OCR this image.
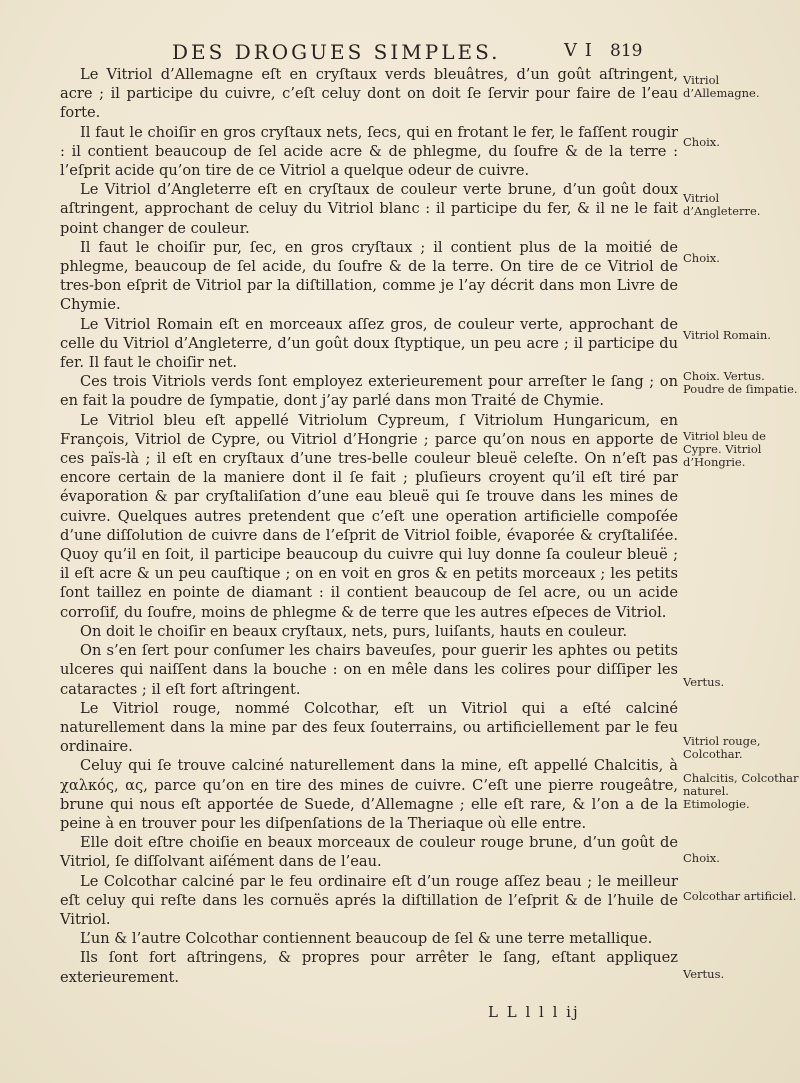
DES DROGUES SIMPLES.	V I 819

Le Vitriol d’Allemagne eſt en cryſtaux verds bleuâtres, d’un goût aſtringent, acre ; il participe du cuivre, c’eſt celuy dont on doit ſe ſervir pour faire de l’eau forte.

Il faut le choiſir en gros cryſtaux nets, ſecs, qui en frotant le fer, le faſſent rougir : il contient beaucoup de ſel acide acre & de phlegme, du ſoufre & de la terre : l’eſprit acide qu’on tire de ce Vitriol a quelque odeur de cuivre.

Le Vitriol d’Angleterre eſt en cryſtaux de couleur verte brune, d’un goût doux aſtringent, approchant de celuy du Vitriol blanc : il participe du fer, & il ne le fait point changer de couleur.

Il faut le choiſir pur, ſec, en gros cryſtaux ; il contient plus de la moitié de phlegme, beaucoup de ſel acide, du ſoufre & de la terre. On tire de ce Vitriol de tres-bon eſprit de Vitriol par la diſtillation, comme je l’ay décrit dans mon Livre de Chymie.

Le Vitriol Romain eſt en morceaux aſſez gros, de couleur verte, approchant de celle du Vitriol d’Angleterre, d’un goût doux ſtyptique, un peu acre ; il participe du fer. Il faut le choiſir net.

Ces trois Vitriols verds ſont employez exterieurement pour arreſter le ſang ; on en fait la poudre de ſympatie, dont j’ay parlé dans mon Traité de Chymie.

Le Vitriol bleu eſt appellé Vitriolum Cypreum, ſ Vitriolum Hungaricum, en François, Vitriol de Cypre, ou Vitriol d’Hongrie ; parce qu’on nous en apporte de ces païs-là ; il eſt en cryſtaux d’une tres-belle couleur bleuë celeſte. On n’eſt pas encore certain de la maniere dont il ſe fait ; pluſieurs croyent qu’il eſt tiré par évaporation & par cryſtaliſation d’une eau bleuë qui ſe trouve dans les mines de cuivre. Quelques autres pretendent que c’eſt une operation artificielle compoſée d’une diſſolution de cuivre dans de l’eſprit de Vitriol foible, évaporée & cryſtaliſée. Quoy qu’il en ſoit, il participe beaucoup du cuivre qui luy donne ſa couleur bleuë ; il eſt acre & un peu cauſtique ; on en voit en gros & en petits morceaux ; les petits ſont taillez en pointe de diamant : il contient beaucoup de ſel acre, ou un acide corroſif, du ſoufre, moins de phlegme & de terre que les autres eſpeces de Vitriol.

On doit le choiſir en beaux cryſtaux, nets, purs, luiſants, hauts en couleur.

On s’en ſert pour conſumer les chairs baveuſes, pour guerir les aphtes ou petits ulceres qui naiſſent dans la bouche : on en mêle dans les colires pour diſſiper les cataractes ; il eſt fort aſtringent.

Le Vitriol rouge, nommé Colcothar, eſt un Vitriol qui a eſté calciné naturellement dans la mine par des feux ſouterrains, ou artificiellement par le feu ordinaire.

Celuy qui ſe trouve calciné naturellement dans la mine, eſt appellé Chalcitis, à χαλκός, ας, parce qu’on en tire des mines de cuivre. C’eſt une pierre rougeâtre, brune qui nous eſt apportée de Suede, d’Allemagne ; elle eſt rare, & l’on a de la peine à en trouver pour les diſpenſations de la Theriaque où elle entre.

Elle doit eſtre choiſie en beaux morceaux de couleur rouge brune, d’un goût de Vitriol, ſe diſſolvant aiſément dans de l’eau.

Le Colcothar calciné par le feu ordinaire eſt d’un rouge aſſez beau ; le meilleur eſt celuy qui reſte dans les cornuës aprés la diſtillation de l’eſprit & de l’huile de Vitriol.

L’un & l’autre Colcothar contiennent beaucoup de ſel & une terre metallique.

Ils ſont fort aſtringens, & propres pour arrêter le ſang, eſtant appliquez exterieurement.

Vitriol d’Allemagne.
Choix.
Vitriol d’Angleterre.
Choix.
Vitriol Romain.
Choix. Vertus. Poudre de ſimpatie.
Vitriol bleu de Cypre. Vitriol d’Hongrie.
Vertus.
Vitriol rouge, Colcothar.
Chalcitis, Colcothar naturel. Etimologie.
Choix.
Colcothar artificiel.
Vertus.
L L l l l ij
